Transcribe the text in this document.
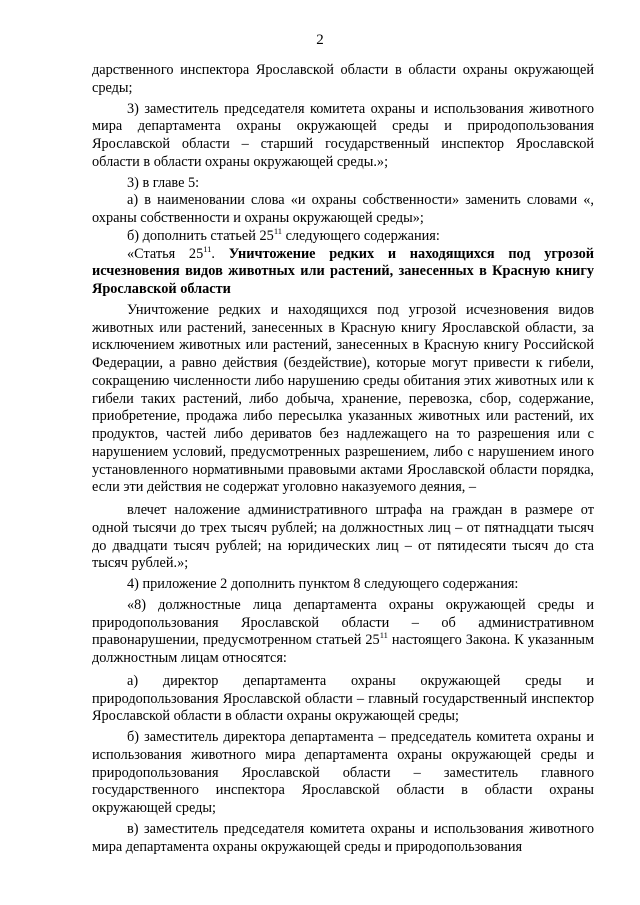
2

дарственного инспектора Ярославской области в области охраны окружающей среды;

3) заместитель председателя комитета охраны и использования животного мира департамента охраны окружающей среды и природопользования Ярославской области – старший государственный инспектор Ярославской области в области охраны окружающей среды.»;

3) в главе 5:

а) в наименовании слова «и охраны собственности» заменить словами «, охраны собственности и охраны окружающей среды»;

б) дополнить статьей $25^{11}$ следующего содержания:

«Статья $25^{11}$. Уничтожение редких и находящихся под угрозой исчезновения видов животных или растений, занесенных в Красную книгу Ярославской области

Уничтожение редких и находящихся под угрозой исчезновения видов животных или растений, занесенных в Красную книгу Ярославской области, за исключением животных или растений, занесенных в Красную книгу Российской Федерации, а равно действия (бездействие), которые могут привести к гибели, сокращению численности либо нарушению среды обитания этих животных или к гибели таких растений, либо добыча, хранение, перевозка, сбор, содержание, приобретение, продажа либо пересылка указанных животных или растений, их продуктов, частей либо дериватов без надлежащего на то разрешения или с нарушением условий, предусмотренных разрешением, либо с нарушением иного установленного нормативными правовыми актами Ярославской области порядка, если эти действия не содержат уголовно наказуемого деяния, –

влечет наложение административного штрафа на граждан в размере от одной тысячи до трех тысяч рублей; на должностных лиц – от пятнадцати тысяч до двадцати тысяч рублей; на юридических лиц – от пятидесяти тысяч до ста тысяч рублей.»;

4) приложение 2 дополнить пунктом 8 следующего содержания:

«8) должностные лица департамента охраны окружающей среды и природопользования Ярославской области – об административном правонарушении, предусмотренном статьей $25^{11}$ настоящего Закона. К указанным должностным лицам относятся:

а) директор департамента охраны окружающей среды и природопользования Ярославской области – главный государственный инспектор Ярославской области в области охраны окружающей среды;

б) заместитель директора департамента – председатель комитета охраны и использования животного мира департамента охраны окружающей среды и природопользования Ярославской области – заместитель главного государственного инспектора Ярославской области в области охраны окружающей среды;

в) заместитель председателя комитета охраны и использования животного мира департамента охраны окружающей среды и природопользования
